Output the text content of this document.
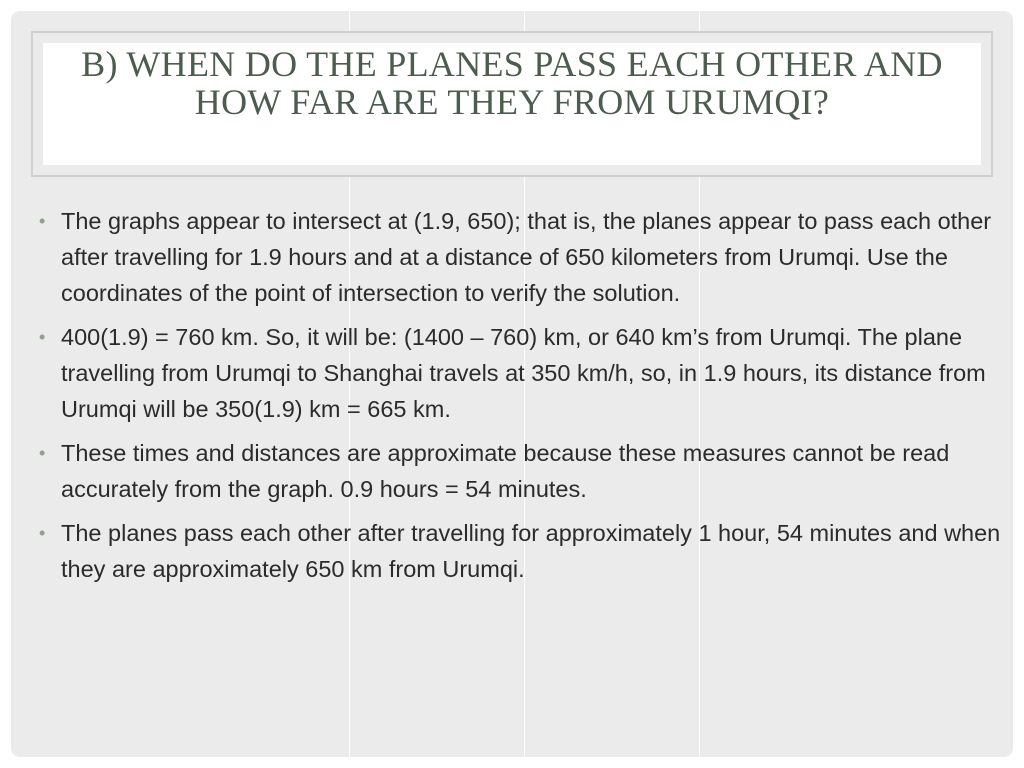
B) WHEN DO THE PLANES PASS EACH OTHER AND HOW FAR ARE THEY FROM URUMQI?
• The graphs appear to intersect at (1.9, 650); that is, the planes appear to pass each other after travelling for 1.9 hours and at a distance of 650 kilometers from Urumqi. Use the coordinates of the point of intersection to verify the solution.
• 400(1.9) = 760 km. So, it will be: (1400 – 760) km, or 640 km’s from Urumqi. The plane travelling from Urumqi to Shanghai travels at 350 km/h, so, in 1.9 hours, its distance from Urumqi will be 350(1.9) km = 665 km.
• These times and distances are approximate because these measures cannot be read accurately from the graph. 0.9 hours = 54 minutes.
• The planes pass each other after travelling for approximately 1 hour, 54 minutes and when they are approximately 650 km from Urumqi.
